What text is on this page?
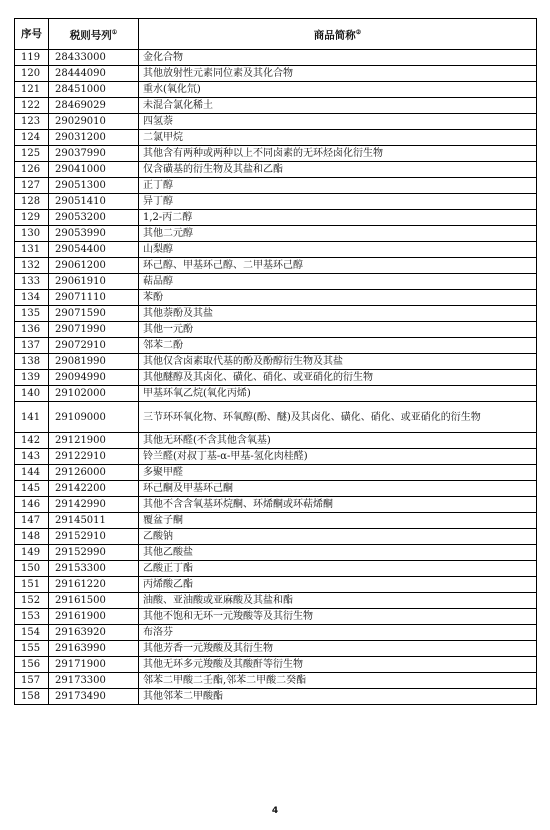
序号	税则号列①	商品简称②
119	28433000	金化合物
120	28444090	其他放射性元素同位素及其化合物
121	28451000	重水(氧化氘)
122	28469029	未混合氯化稀土
123	29029010	四氢萘
124	29031200	二氯甲烷
125	29037990	其他含有两种或两种以上不同卤素的无环烃卤化衍生物
126	29041000	仅含磺基的衍生物及其盐和乙酯
127	29051300	正丁醇
128	29051410	异丁醇
129	29053200	1,2-丙二醇
130	29053990	其他二元醇
131	29054400	山梨醇
132	29061200	环己醇、甲基环己醇、二甲基环己醇
133	29061910	萜品醇
134	29071110	苯酚
135	29071590	其他萘酚及其盐
136	29071990	其他一元酚
137	29072910	邻苯二酚
138	29081990	其他仅含卤素取代基的酚及酚醇衍生物及其盐
139	29094990	其他醚醇及其卤化、磺化、硝化、或亚硝化的衍生物
140	29102000	甲基环氧乙烷(氧化丙烯)
141	29109000	三节环环氧化物、环氧醇(酚、醚)及其卤化、磺化、硝化、或亚硝化的衍生物
142	29121900	其他无环醛(不含其他含氧基)
143	29122910	铃兰醛(对叔丁基-α-甲基-氢化肉桂醛)
144	29126000	多聚甲醛
145	29142200	环己酮及甲基环己酮
146	29142990	其他不含含氧基环烷酮、环烯酮或环萜烯酮
147	29145011	覆盆子酮
148	29152910	乙酸钠
149	29152990	其他乙酸盐
150	29153300	乙酸正丁酯
151	29161220	丙烯酸乙酯
152	29161500	油酸、亚油酸或亚麻酸及其盐和酯
153	29161900	其他不饱和无环一元羧酸等及其衍生物
154	29163920	布洛芬
155	29163990	其他芳香一元羧酸及其衍生物
156	29171900	其他无环多元羧酸及其酸酐等衍生物
157	29173300	邻苯二甲酸二壬酯,邻苯二甲酸二癸酯
158	29173490	其他邻苯二甲酸酯
4
